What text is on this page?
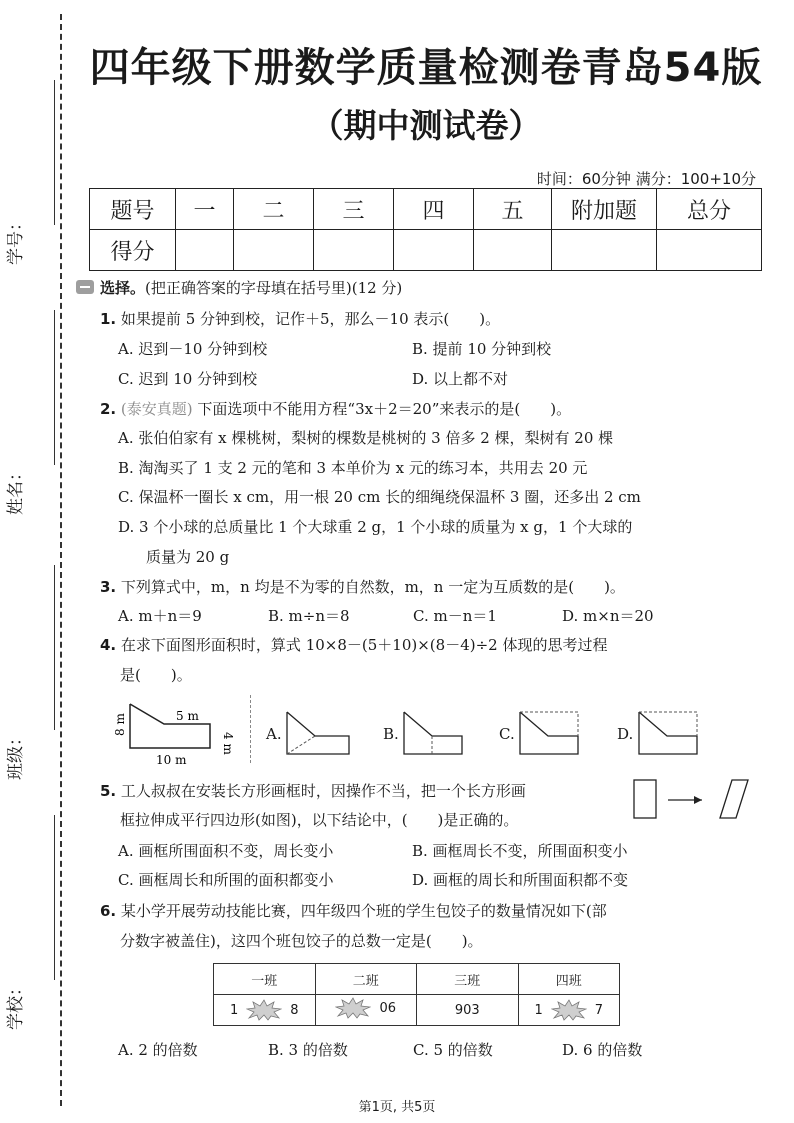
学号：
姓名：
班级：
学校：
四年级下册数学质量检测卷青岛54版
（期中测试卷）
时间：60分钟 满分：100+10分
题号	一	二	三	四	五	附加题	总分
得分							
选择。 (把正确答案的字母填在括号里)(12 分)
1. 如果提前 5 分钟到校，记作＋5，那么－10 表示(　　)。
A. 迟到－10 分钟到校	B. 提前 10 分钟到校
C. 迟到 10 分钟到校	D. 以上都不对
2. (泰安真题) 下面选项中不能用方程“3x＋2＝20”来表示的是(　　)。
A. 张伯伯家有 x 棵桃树，梨树的棵数是桃树的 3 倍多 2 棵，梨树有 20 棵
B. 淘淘买了 1 支 2 元的笔和 3 本单价为 x 元的练习本，共用去 20 元
C. 保温杯一圈长 x cm，用一根 20 cm 长的细绳绕保温杯 3 圈，还多出 2 cm
D. 3 个小球的总质量比 1 个大球重 2 g，1 个小球的质量为 x g，1 个大球的
质量为 20 g
3. 下列算式中，m，n 均是不为零的自然数，m，n 一定为互质数的是(　　)。
A. m＋n＝9	B. m÷n＝8	C. m－n＝1	D. m×n＝20
4. 在求下面图形面积时，算式 10×8－(5＋10)×(8－4)÷2 体现的思考过程
是(　　)。
8 m	5 m
4 m
10 m
A.	B.	C.	D.
5. 工人叔叔在安装长方形画框时，因操作不当，把一个长方形画
框拉伸成平行四边形(如图)，以下结论中，(　　)是正确的。
A. 画框所围面积不变，周长变小	B. 画框周长不变，所围面积变小
C. 画框周长和所围的面积都变小	D. 画框的周长和所围面积都不变
6. 某小学开展劳动技能比赛，四年级四个班的学生包饺子的数量情况如下(部
分数字被盖住)，这四个班包饺子的总数一定是(　　)。
一班	二班	三班	四班

1 8	06	903	1 7
A. 2 的倍数	B. 3 的倍数	C. 5 的倍数	D. 6 的倍数
第1页, 共5页
